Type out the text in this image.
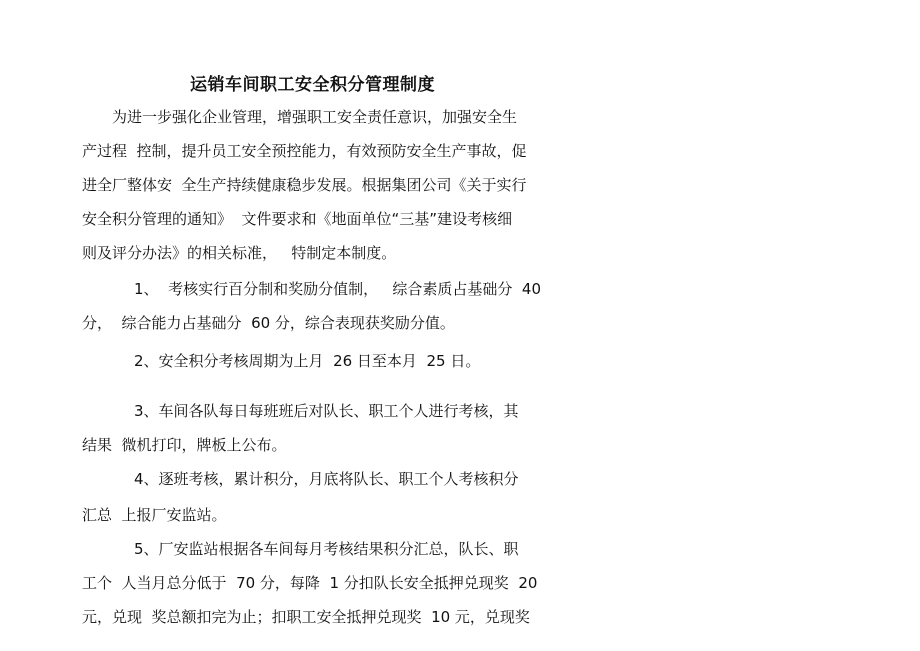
运销车间职工安全积分管理制度
为进一步强化企业管理，增强职工安全责任意识，加强安全生
产过程  控制，提升员工安全预控能力，有效预防安全生产事故，促
进全厂整体安  全生产持续健康稳步发展。根据集团公司《关于实行
安全积分管理的通知》  文件要求和《地面单位“三基”建设考核细
则及评分办法》的相关标准，   特制定本制度。
1、  考核实行百分制和奖励分值制，   综合素质占基础分  40
分，  综合能力占基础分  60 分，综合表现获奖励分值。
2、安全积分考核周期为上月  26 日至本月  25 日。
3、车间各队每日每班班后对队长、职工个人进行考核，其
结果  微机打印，牌板上公布。
4、逐班考核，累计积分，月底将队长、职工个人考核积分
汇总  上报厂安监站。
5、厂安监站根据各车间每月考核结果积分汇总，队长、职
工个  人当月总分低于  70 分，每降  1 分扣队长安全抵押兑现奖  20
元，兑现  奖总额扣完为止；扣职工安全抵押兑现奖  10 元，兑现奖
